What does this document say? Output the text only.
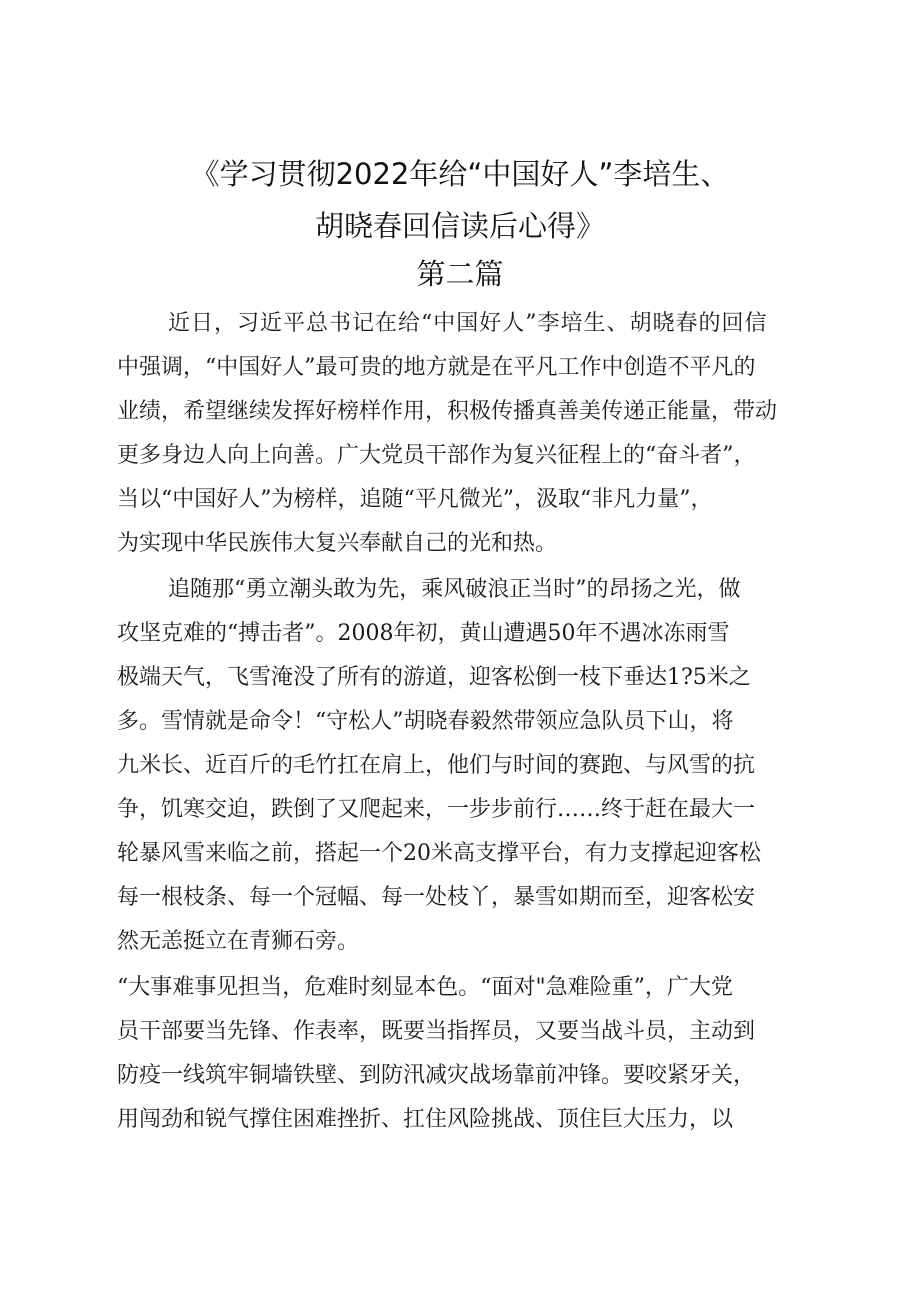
《学习贯彻2022年给“中国好人”李培生、
胡晓春回信读后心得》
第二篇
近日，习近平总书记在给“中国好人”李培生、胡晓春的回信
中强调，“中国好人”最可贵的地方就是在平凡工作中创造不平凡的
业绩，希望继续发挥好榜样作用，积极传播真善美传递正能量，带动
更多身边人向上向善。广大党员干部作为复兴征程上的“奋斗者”，
当以“中国好人”为榜样，追随“平凡微光”，汲取“非凡力量”，
为实现中华民族伟大复兴奉献自己的光和热。
追随那“勇立潮头敢为先，乘风破浪正当时”的昂扬之光，做
攻坚克难的“搏击者”。2008年初，黄山遭遇50年不遇冰冻雨雪
极端天气，飞雪淹没了所有的游道，迎客松倒一枝下垂达1?5米之
多。雪情就是命令！“守松人”胡晓春毅然带领应急队员下山，将
九米长、近百斤的毛竹扛在肩上，他们与时间的赛跑、与风雪的抗
争，饥寒交迫，跌倒了又爬起来，一步步前行……终于赶在最大一
轮暴风雪来临之前，搭起一个20米高支撑平台，有力支撑起迎客松
每一根枝条、每一个冠幅、每一处枝丫，暴雪如期而至，迎客松安
然无恙挺立在青狮石旁。
“大事难事见担当，危难时刻显本色。“面对"急难险重”，广大党
员干部要当先锋、作表率，既要当指挥员，又要当战斗员，主动到
防疫一线筑牢铜墙铁壁、到防汛减灾战场靠前冲锋。要咬紧牙关，
用闯劲和锐气撑住困难挫折、扛住风险挑战、顶住巨大压力，以
